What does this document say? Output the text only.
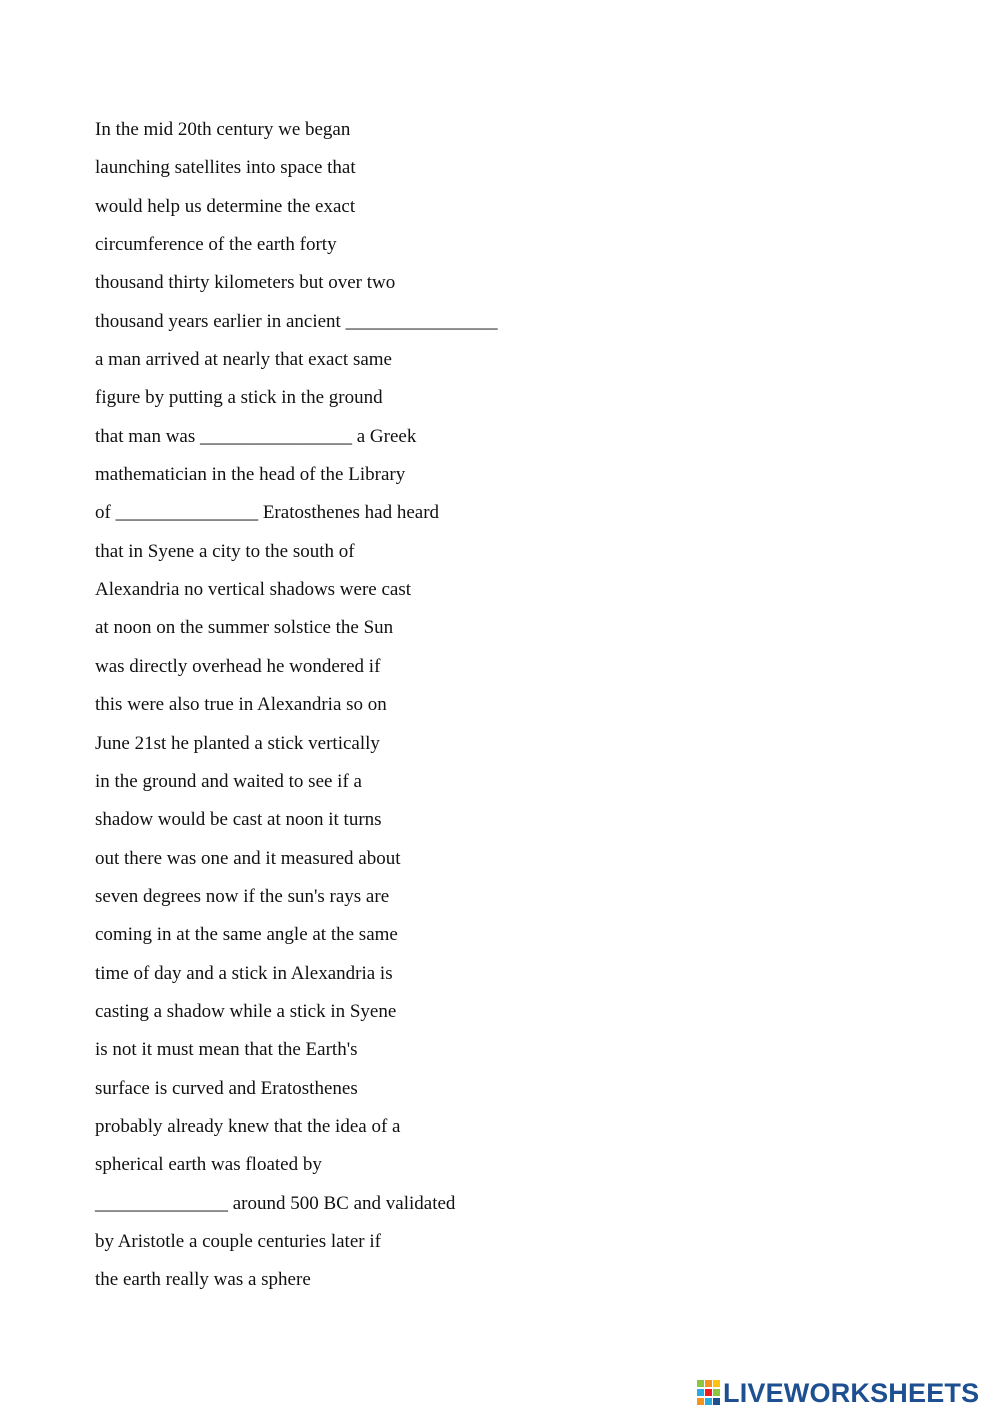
In the mid 20th century we began
launching satellites into space that
would help us determine the exact
circumference of the earth forty
thousand thirty kilometers but over two
thousand years earlier in ancient ________________
a man arrived at nearly that exact same
figure by putting a stick in the ground
that man was ________________ a Greek
mathematician in the head of the Library
of _______________ Eratosthenes had heard
that in Syene a city to the south of
Alexandria no vertical shadows were cast
at noon on the summer solstice the Sun
was directly overhead he wondered if
this were also true in Alexandria so on
June 21st he planted a stick vertically
in the ground and waited to see if a
shadow would be cast at noon it turns
out there was one and it measured about
seven degrees now if the sun's rays are
coming in at the same angle at the same
time of day and a stick in Alexandria is
casting a shadow while a stick in Syene
is not it must mean that the Earth's
surface is curved and Eratosthenes
probably already knew that the idea of a
spherical earth was floated by
______________ around 500 BC and validated
by Aristotle a couple centuries later if
the earth really was a sphere
LIVEWORKSHEETS
